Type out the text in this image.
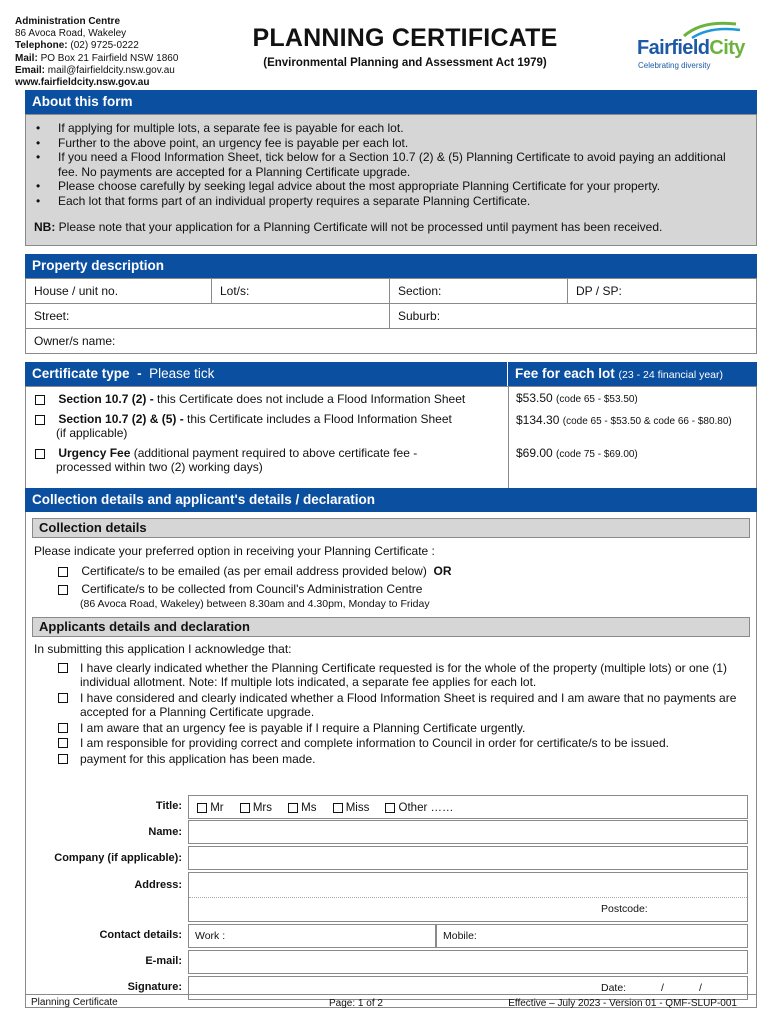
Administration Centre
86 Avoca Road, Wakeley
Telephone: (02) 9725-0222
Mail: PO Box 21 Fairfield NSW 1860
Email: mail@fairfieldcity.nsw.gov.au
www.fairfieldcity.nsw.gov.au
PLANNING CERTIFICATE
(Environmental Planning and Assessment Act 1979)
FairfieldCity
Celebrating diversity
About this form
• If applying for multiple lots, a separate fee is payable for each lot.
• Further to the above point, an urgency fee is payable per each lot.
• If you need a Flood Information Sheet, tick below for a Section 10.7 (2) & (5) Planning Certificate to avoid paying an additional fee. No payments are accepted for a Planning Certificate upgrade.
• Please choose carefully by seeking legal advice about the most appropriate Planning Certificate for your property.
• Each lot that forms part of an individual property requires a separate Planning Certificate.
NB: Please note that your application for a Planning Certificate will not be processed until payment has been received.
Property description
House / unit no.	Lot/s:	Section:	DP / SP:
Street:		Suburb:	
Owner/s name:			
Certificate type - Please tick	Fee for each lot (23 - 24 financial year)
Section 10.7 (2) - this Certificate does not include a Flood Information Sheet	$53.50 (code 65 - $53.50)
Section 10.7 (2) & (5) - this Certificate includes a Flood Information Sheet
(if applicable)
$134.30 (code 65 - $53.50 & code 66 - $80.80)
Urgency Fee (additional payment required to above certificate fee -
processed within two (2) working days)
$69.00 (code 75 - $69.00)
Collection details and applicant's details / declaration
Collection details
Please indicate your preferred option in receiving your Planning Certificate :
Certificate/s to be emailed (as per email address provided below) OR
Certificate/s to be collected from Council's Administration Centre
(86 Avoca Road, Wakeley) between 8.30am and 4.30pm, Monday to Friday
Applicants details and declaration
In submitting this application I acknowledge that:
I have clearly indicated whether the Planning Certificate requested is for the whole of the property (multiple lots) or one (1) individual allotment. Note: If multiple lots indicated, a separate fee applies for each lot.
I have considered and clearly indicated whether a Flood Information Sheet is required and I am aware that no payments are accepted for a Planning Certificate upgrade.
I am aware that an urgency fee is payable if I require a Planning Certificate urgently.
I am responsible for providing correct and complete information to Council in order for certificate/s to be issued.
payment for this application has been made.
Title:	Mr	Mrs	Ms	Miss	Other ……
Name:
Company (if applicable):
Address:
Postcode:
Contact details:	Work :	Mobile:
E-mail:
Signature:	Date:	/	/
Planning Certificate	Page: 1 of 2	Effective – July 2023 - Version 01 - QMF-SLUP-001
